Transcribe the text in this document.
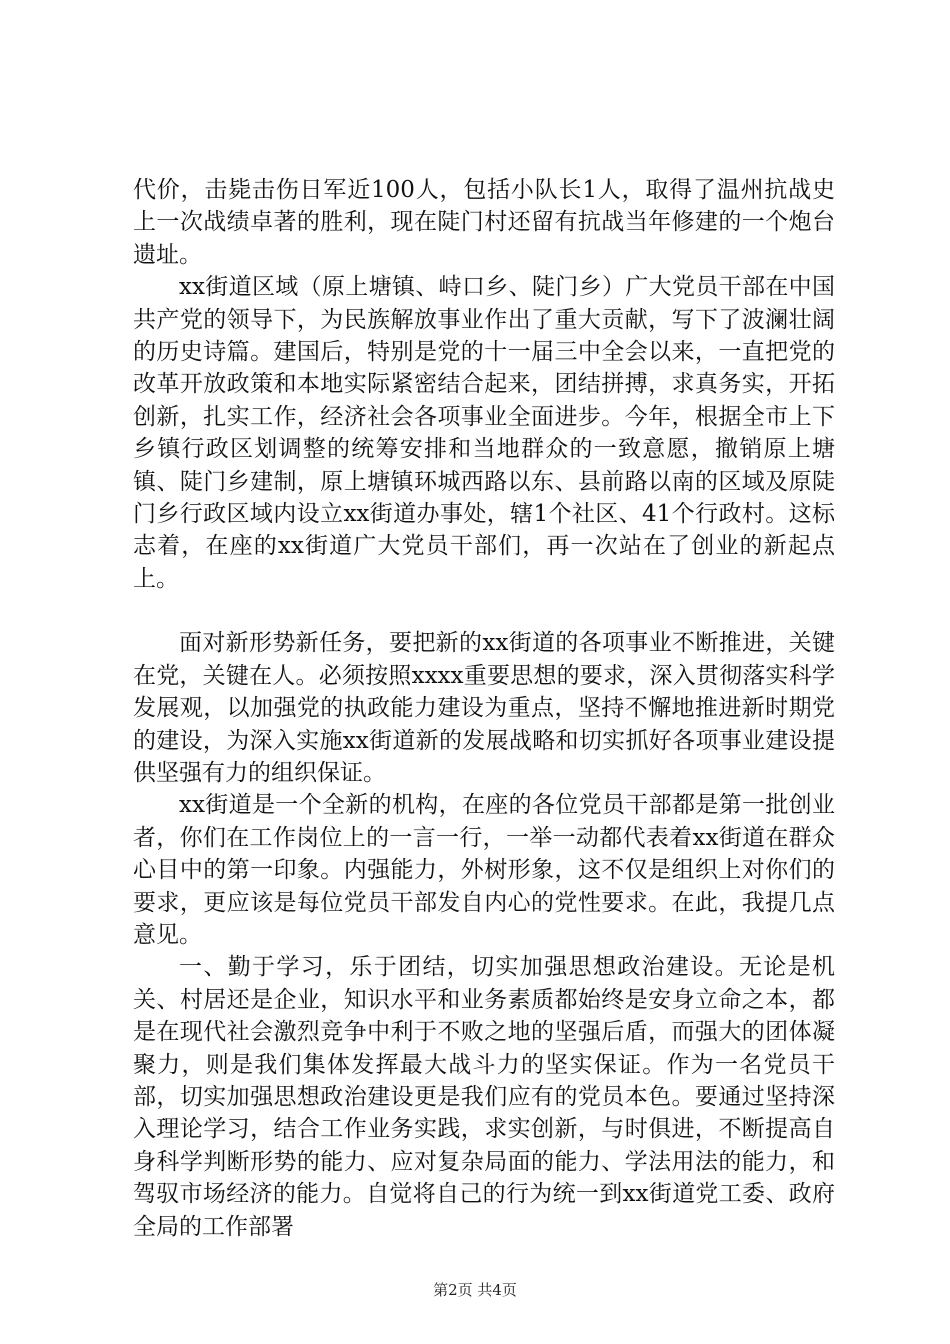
代价，击毙击伤日军近100人，包括小队长1人，取得了温州抗战史上一次战绩卓著的胜利，现在陡门村还留有抗战当年修建的一个炮台遗址。

xx街道区域（原上塘镇、峙口乡、陡门乡）广大党员干部在中国共产党的领导下，为民族解放事业作出了重大贡献，写下了波澜壮阔的历史诗篇。建国后，特别是党的十一届三中全会以来，一直把党的改革开放政策和本地实际紧密结合起来，团结拼搏，求真务实，开拓创新，扎实工作，经济社会各项事业全面进步。今年，根据全市上下乡镇行政区划调整的统筹安排和当地群众的一致意愿，撤销原上塘镇、陡门乡建制，原上塘镇环城西路以东、县前路以南的区域及原陡门乡行政区域内设立xx街道办事处，辖1个社区、41个行政村。这标志着，在座的xx街道广大党员干部们，再一次站在了创业的新起点上。

面对新形势新任务，要把新的xx街道的各项事业不断推进，关键在党，关键在人。必须按照xxxx重要思想的要求，深入贯彻落实科学发展观，以加强党的执政能力建设为重点，坚持不懈地推进新时期党的建设，为深入实施xx街道新的发展战略和切实抓好各项事业建设提供坚强有力的组织保证。

xx街道是一个全新的机构，在座的各位党员干部都是第一批创业者，你们在工作岗位上的一言一行，一举一动都代表着xx街道在群众心目中的第一印象。内强能力，外树形象，这不仅是组织上对你们的要求，更应该是每位党员干部发自内心的党性要求。在此，我提几点意见。

一、勤于学习，乐于团结，切实加强思想政治建设。无论是机关、村居还是企业，知识水平和业务素质都始终是安身立命之本，都是在现代社会激烈竞争中利于不败之地的坚强后盾，而强大的团体凝聚力，则是我们集体发挥最大战斗力的坚实保证。作为一名党员干部，切实加强思想政治建设更是我们应有的党员本色。要通过坚持深入理论学习，结合工作业务实践，求实创新，与时俱进，不断提高自身科学判断形势的能力、应对复杂局面的能力、学法用法的能力，和驾驭市场经济的能力。自觉将自己的行为统一到xx街道党工委、政府全局的工作部署

第2页 共4页
